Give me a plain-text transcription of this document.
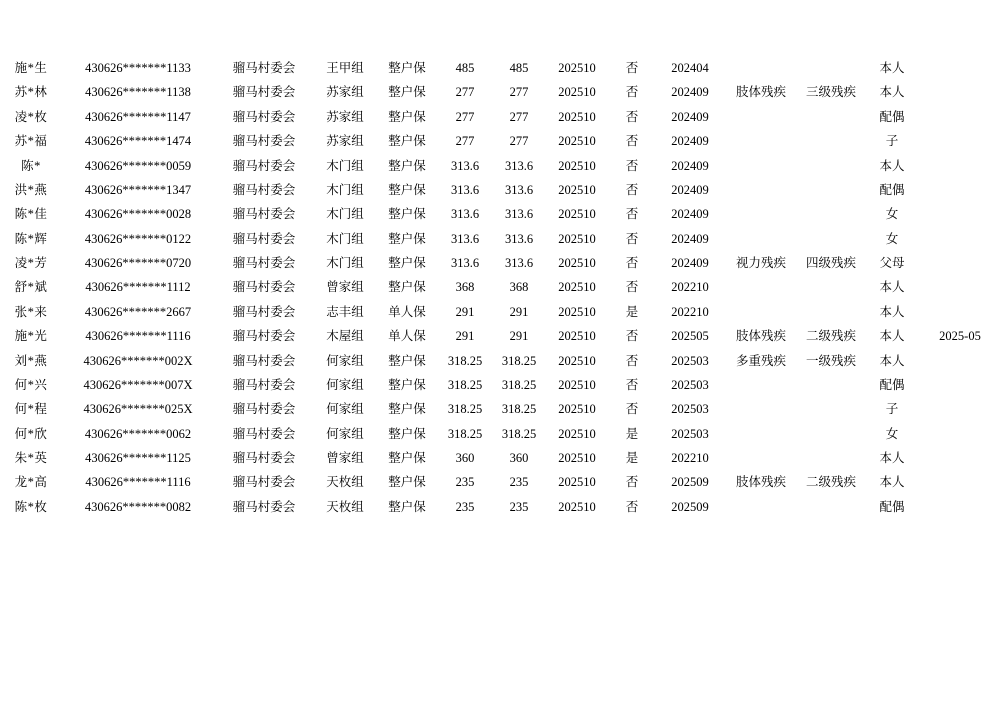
施*生	430626*******1133	骝马村委会	王甲组	整户保	485	485	202510	否	202404			本人	
苏*林	430626*******1138	骝马村委会	苏家组	整户保	277	277	202510	否	202409	肢体残疾	三级残疾	本人	
凌*枚	430626*******1147	骝马村委会	苏家组	整户保	277	277	202510	否	202409			配偶	
苏*福	430626*******1474	骝马村委会	苏家组	整户保	277	277	202510	否	202409			子	
陈*	430626*******0059	骝马村委会	木门组	整户保	313.6	313.6	202510	否	202409			本人	
洪*燕	430626*******1347	骝马村委会	木门组	整户保	313.6	313.6	202510	否	202409			配偶	
陈*佳	430626*******0028	骝马村委会	木门组	整户保	313.6	313.6	202510	否	202409			女	
陈*辉	430626*******0122	骝马村委会	木门组	整户保	313.6	313.6	202510	否	202409			女	
凌*芳	430626*******0720	骝马村委会	木门组	整户保	313.6	313.6	202510	否	202409	视力残疾	四级残疾	父母	
舒*斌	430626*******1112	骝马村委会	曾家组	整户保	368	368	202510	否	202210			本人	
张*来	430626*******2667	骝马村委会	志丰组	单人保	291	291	202510	是	202210			本人	
施*光	430626*******1116	骝马村委会	木屋组	单人保	291	291	202510	否	202505	肢体残疾	二级残疾	本人	2025-05
刘*燕	430626*******002X	骝马村委会	何家组	整户保	318.25	318.25	202510	否	202503	多重残疾	一级残疾	本人	
何*兴	430626*******007X	骝马村委会	何家组	整户保	318.25	318.25	202510	否	202503			配偶	
何*程	430626*******025X	骝马村委会	何家组	整户保	318.25	318.25	202510	否	202503			子	
何*欣	430626*******0062	骝马村委会	何家组	整户保	318.25	318.25	202510	是	202503			女	
朱*英	430626*******1125	骝马村委会	曾家组	整户保	360	360	202510	是	202210			本人	
龙*高	430626*******1116	骝马村委会	天枚组	整户保	235	235	202510	否	202509	肢体残疾	二级残疾	本人	
陈*枚	430626*******0082	骝马村委会	天枚组	整户保	235	235	202510	否	202509			配偶	
